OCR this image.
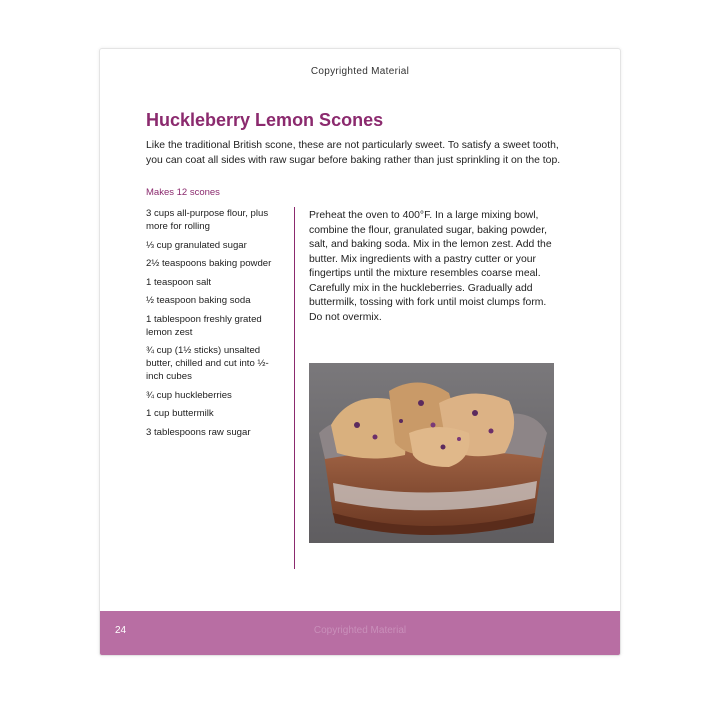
Copyrighted Material
Huckleberry Lemon Scones

Like the traditional British scone, these are not particularly sweet. To satisfy a sweet tooth, you can coat all sides with raw sugar before baking rather than just sprinkling it on the top.

Makes 12 scones

3 cups all-purpose flour, plus more for rolling
⅓ cup granulated sugar
2½ teaspoons baking powder
1 teaspoon salt
½ teaspoon baking soda
1 tablespoon freshly grated lemon zest
¾ cup (1½ sticks) unsalted butter, chilled and cut into ½-inch cubes
¾ cup huckleberries
1 cup buttermilk
3 tablespoons raw sugar

Preheat the oven to 400°F. In a large mixing bowl, combine the flour, granulated sugar, baking powder, salt, and baking soda. Mix in the lemon zest. Add the butter. Mix ingredients with a pastry cutter or your fingertips until the mixture resembles coarse meal. Carefully mix in the huckleberries. Gradually add buttermilk, tossing with fork until moist clumps form. Do not overmix.

24	Copyrighted Material
